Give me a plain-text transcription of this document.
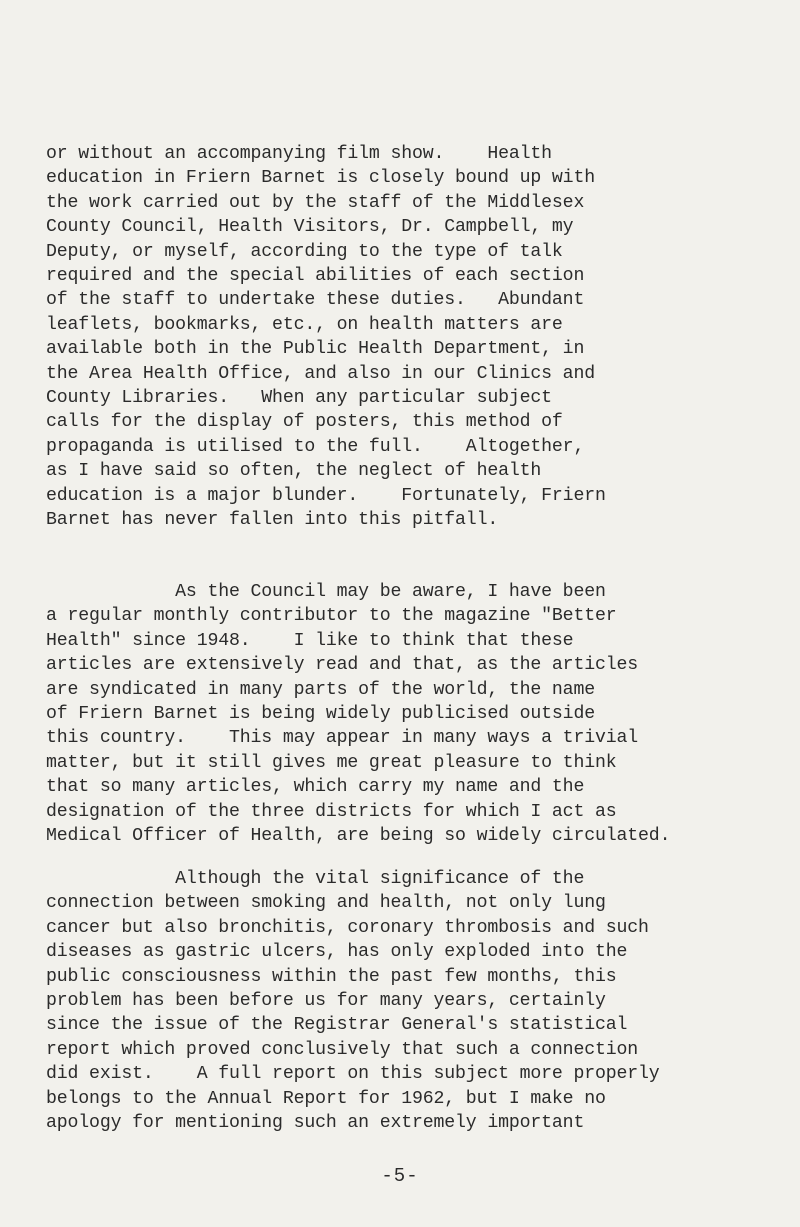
or without an accompanying film show.    Health
education in Friern Barnet is closely bound up with
the work carried out by the staff of the Middlesex
County Council, Health Visitors, Dr. Campbell, my
Deputy, or myself, according to the type of talk
required and the special abilities of each section
of the staff to undertake these duties.   Abundant
leaflets, bookmarks, etc., on health matters are
available both in the Public Health Department, in
the Area Health Office, and also in our Clinics and
County Libraries.   When any particular subject
calls for the display of posters, this method of
propaganda is utilised to the full.    Altogether,
as I have said so often, the neglect of health
education is a major blunder.    Fortunately, Friern
Barnet has never fallen into this pitfall.
As the Council may be aware, I have been
a regular monthly contributor to the magazine "Better
Health" since 1948.    I like to think that these
articles are extensively read and that, as the articles
are syndicated in many parts of the world, the name
of Friern Barnet is being widely publicised outside
this country.    This may appear in many ways a trivial
matter, but it still gives me great pleasure to think
that so many articles, which carry my name and the
designation of the three districts for which I act as
Medical Officer of Health, are being so widely circulated.
Although the vital significance of the
connection between smoking and health, not only lung
cancer but also bronchitis, coronary thrombosis and such
diseases as gastric ulcers, has only exploded into the
public consciousness within the past few months, this
problem has been before us for many years, certainly
since the issue of the Registrar General's statistical
report which proved conclusively that such a connection
did exist.    A full report on this subject more properly
belongs to the Annual Report for 1962, but I make no
apology for mentioning such an extremely important
-5-
